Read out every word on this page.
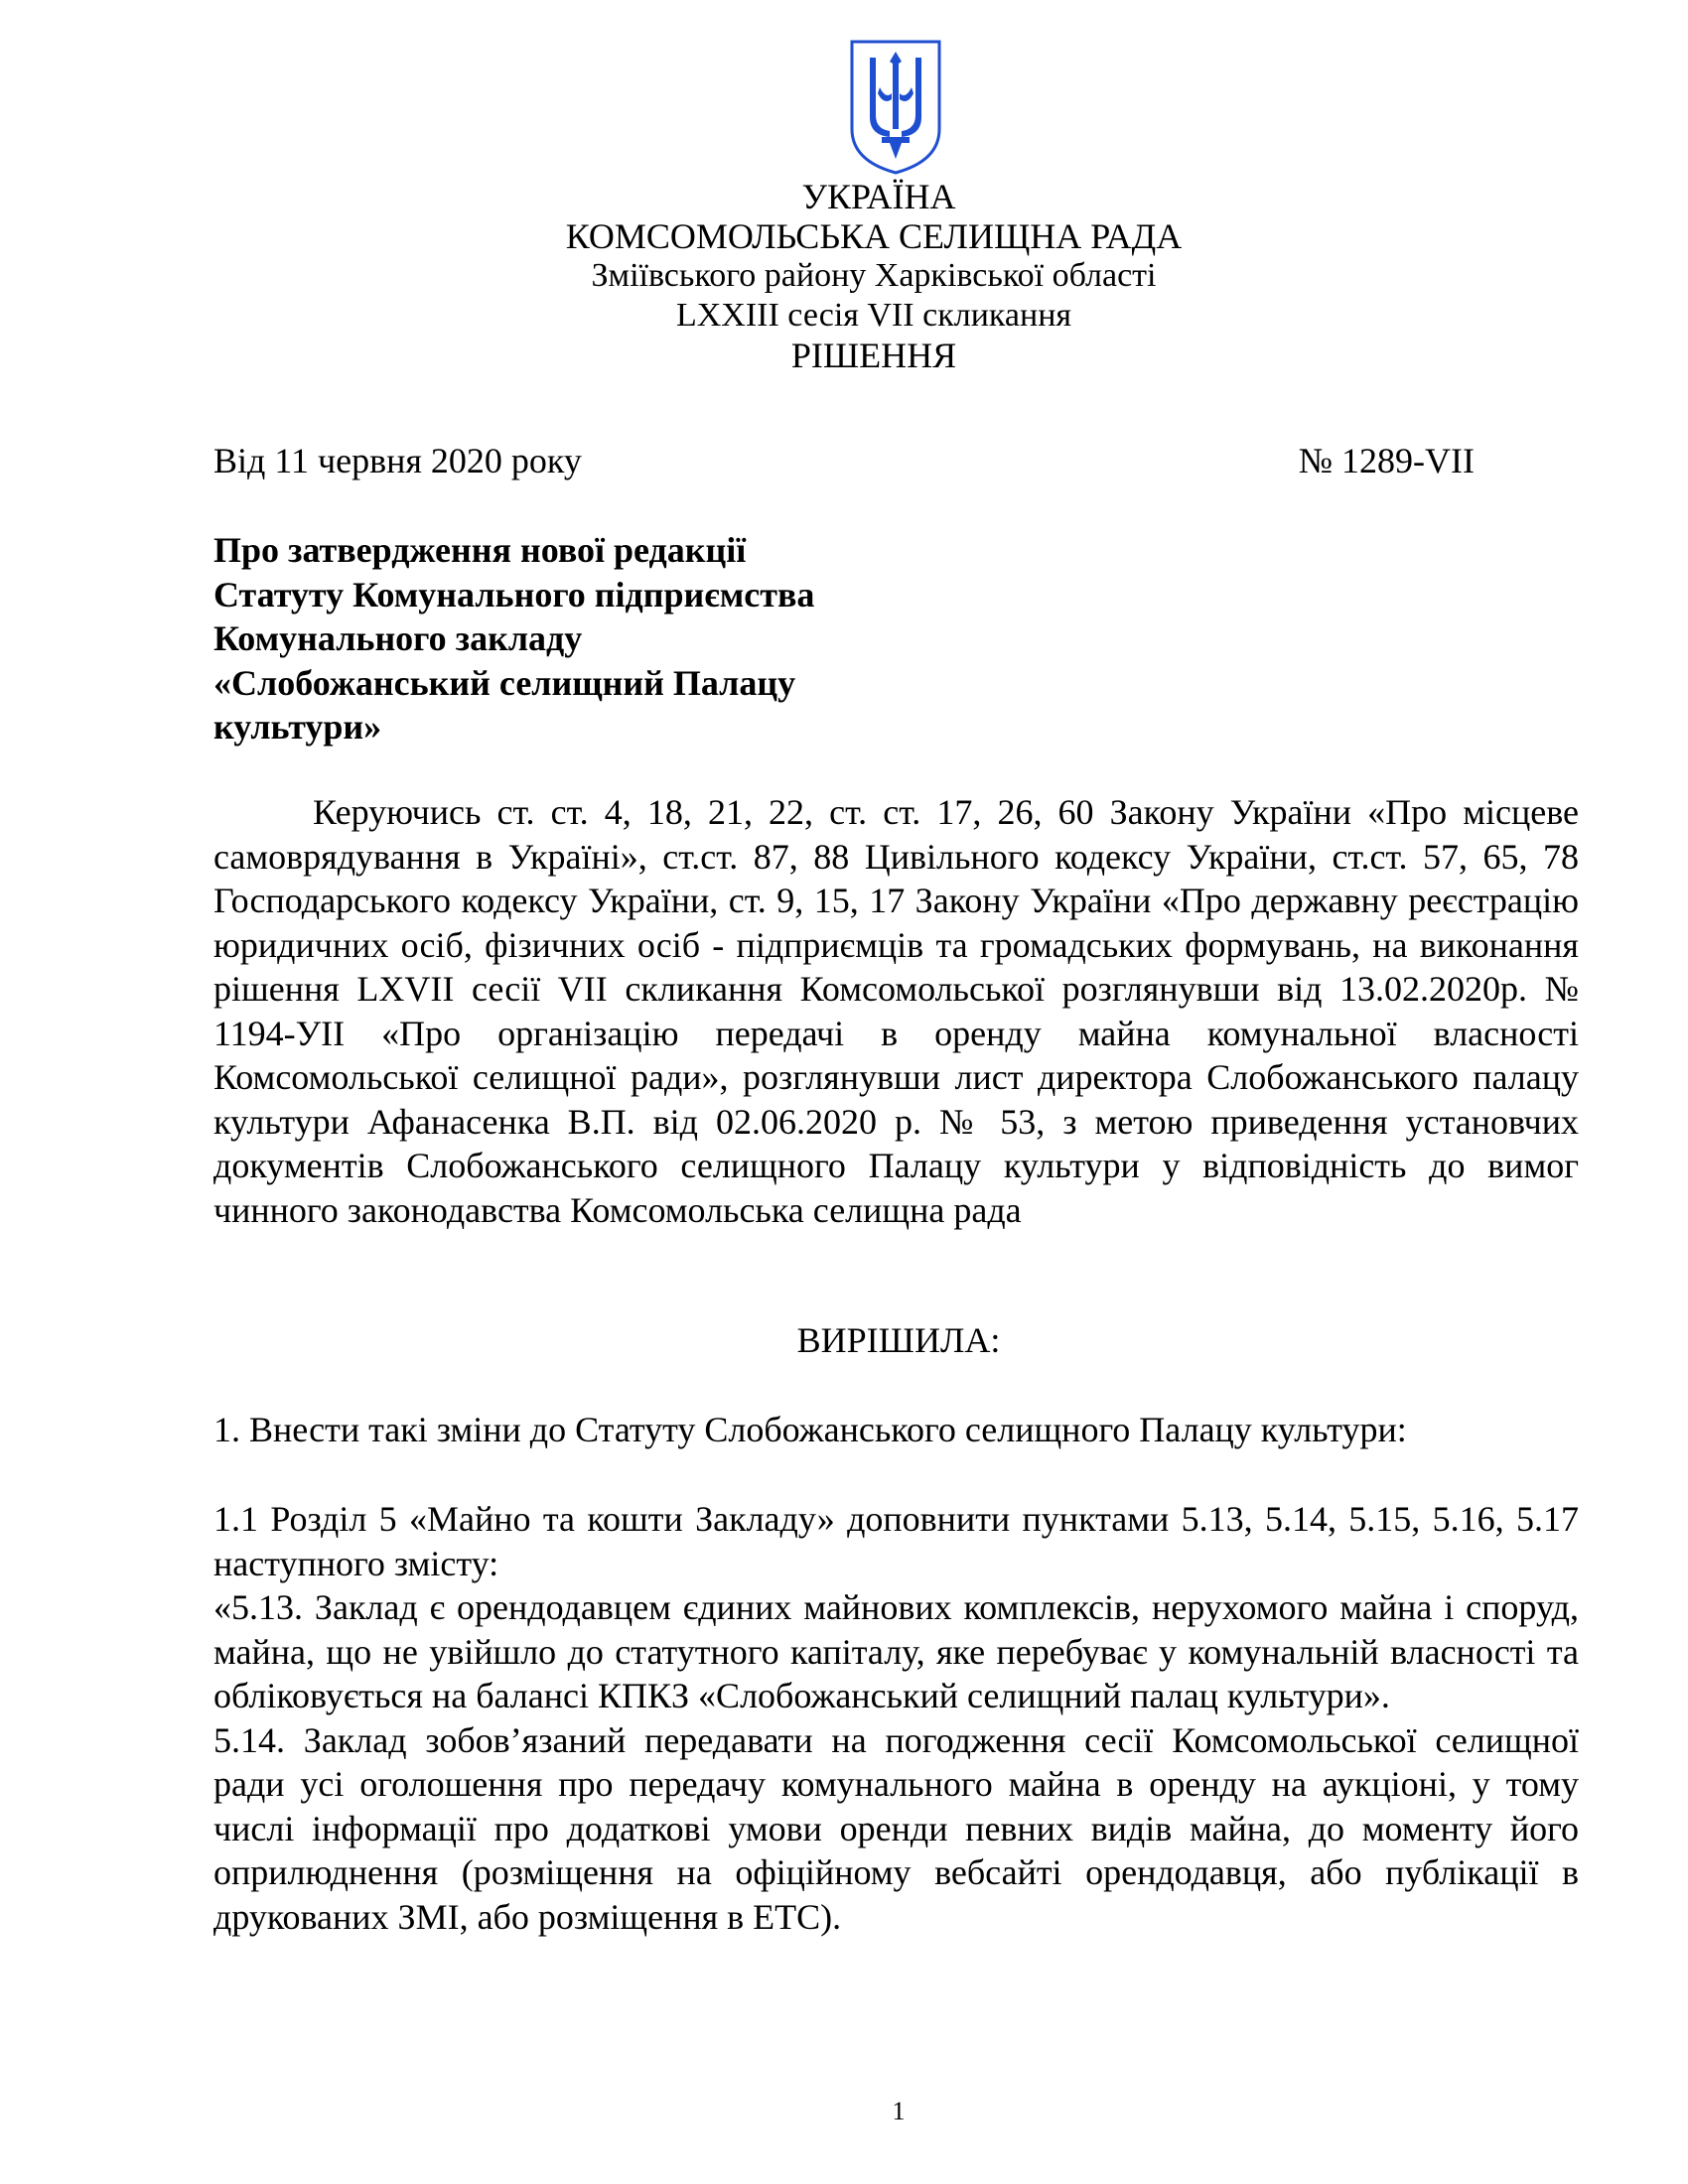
УКРАЇНА
КОМСОМОЛЬСЬКА СЕЛИЩНА РАДА
Зміївського району Харківської області
LXXIII сесія VII скликання
РІШЕННЯ
Від 11 червня 2020 року	№ 1289-VII
Про затвердження нової редакції
Статуту Комунального підприємства
Комунального закладу
«Слобожанський селищний Палацу
культури»

Керуючись ст. ст. 4, 18, 21, 22, ст. ст. 17, 26, 60 Закону України «Про місцеве самоврядування в Україні», ст.ст. 87, 88 Цивільного кодексу України, ст.ст. 57, 65, 78 Господарського кодексу України, ст. 9, 15, 17 Закону України «Про державну реєстрацію юридичних осіб, фізичних осіб - підприємців та громадських формувань, на виконання рішення LXVII сесії VII скликання Комсомольської розглянувши від 13.02.2020р. № 1194-УІІ «Про організацію передачі в оренду майна комунальної власності Комсомольської селищної ради», розглянувши лист директора Слобожанського палацу культури Афанасенка В.П. від 02.06.2020 р. № 53, з метою приведення установчих документів Слобожанського селищного Палацу культури у відповідність до вимог чинного законодавства Комсомольська селищна рада

ВИРІШИЛА:
1. Внести такі зміни до Статуту Слобожанського селищного Палацу культури:

1.1 Розділ 5 «Майно та кошти Закладу» доповнити пунктами 5.13, 5.14, 5.15, 5.16, 5.17 наступного змісту:

«5.13. Заклад є орендодавцем єдиних майнових комплексів, нерухомого майна і споруд, майна, що не увійшло до статутного капіталу, яке перебуває у комунальній власності та обліковується на балансі КПКЗ «Слобожанський селищний палац культури».

5.14. Заклад зобов’язаний передавати на погодження сесії Комсомольської селищної ради усі оголошення про передачу комунального майна в оренду на аукціоні, у тому числі інформації про додаткові умови оренди певних видів майна, до моменту його оприлюднення (розміщення на офіційному вебсайті орендодавця, або публікації в друкованих ЗМІ, або розміщення в ЕТС).

1
